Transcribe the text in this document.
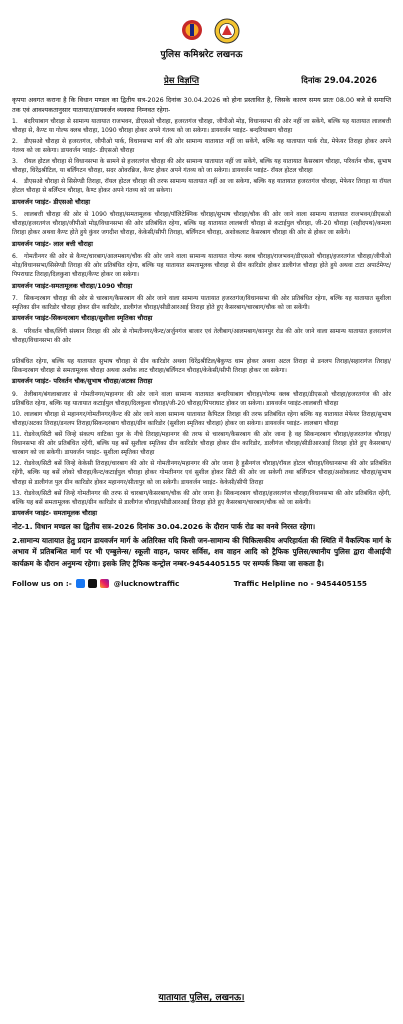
पुलिस कमिश्नरेट लखनऊ
प्रेस विज्ञप्ति	दिनांक 29.04.2026
कृपया अवगत कराना है कि विधान मण्डल का द्वितीय सत्र-2026 दिनांक 30.04.2026 को होना प्रस्तावित है, जिसके कारण समय प्रातः 08.00 बजे से समाप्ति तक एवं आवश्यकतानुसार यातायात/डायवर्जन व्यवस्था निम्नवत रहेगा-
1. बंदरियाबाग चौराहा से सामान्य यातायात राजभवन, डीएसओ चौराहा, हजरतगंज चौराहा, जीपीओ मोड़, विधानसभा की ओर नहीं जा सकेंगे, बल्कि यह यातायात लालबत्ती चौराहा से, कैण्ट या गोल्फ क्लब चौराहा, 1090 चौराहा होकर अपने गंतव्य को जा सकेगा। डायवर्जन प्वाइंट- बन्दरियाबाग चौराहा
2. डीएसओ चौराहा से हजरतगंज, जीपीओ पार्क, विधानसभा मार्ग की ओर सामान्य यातायात नहीं जा सकेंगे, बल्कि यह यातायात पार्क रोड, मेफेयर तिराहा होकर अपने गंतव्य को जा सकेगा। डायवर्जन प्वाइंट- डीएसओ चौराहा
3. रॉयल होटल चौराहा से विधानसभा के सामने से हजरतगंज चौराहा की ओर सामान्य यातायात नहीं जा सकेंगे, बल्कि यह यातायात कैसरबाग चौराहा, परिवर्तन चौक, सुभाष चौराहा, धिरेंद्रश्रीटिल, या बर्लिंगटन चौराहा, सदर ओवरब्रिज, कैण्ट होकर अपने गंतव्य को जा सकेगा। डायवर्जन प्वाइंट- रॉयल होटल चौराहा
4. डीएसओ चौराहा से सिसेण्डी तिराहा, रॉयल होटल चौराहा की तरफ सामान्य यातायात नहीं आ जा सकेगा, बल्कि यह यातायात हजरतगंज चौराहा, मेफेयर तिराहा या रॉयल होटल चौराहा से बर्लिंग्टन चौराहा, कैण्ट होकर अपने गंतव्य को जा सकेगा।
डायवर्जन प्वाइंट- डीएसओ चौराहा
5. लालबत्ती चौराहा की ओर से 1090 चौराहा/समतामूलक चौराहा/पॉलिटेक्निक चौराहा/सुभाष चौराहा/चौक की ओर जाने वाला सामान्य यातायात राजभवन/डीएसओ चौराहा/हजरतगंज चौराहा/जीपीओ मोड़/विधानसभा की ओर प्रतिबंधित रहेगा, बल्कि यह यातायात लालबत्ती चौराहा से कटाईपुल चौराहा, जी-20 चौराहा (शहीदपथ)/कमला तिराहा होकर अथवा कैण्ट होते हुये कुंवर जगदीश चौराहा, केकेसी/सीपी तिराहा, बर्लिंगटन चौराहा, अशोकलाट कैसरबाग चौराहा की ओर से होकर जा सकेंगे।
डायवर्जन प्वाइंट- लाल बत्ती चौराहा
6. गोमतीनगर की ओर से कैण्ट/चारबाग/आलमबाग/चौक की ओर जाने वाला सामान्य यातायात गोल्फ क्लब चौराहा/राजभवन/डीएसओ चौराहा/हजरतगंज चौराहा/जीपीओ मोड़/विधानसभा/सिसेण्डी तिराहा की ओर प्रतिबंधित रहेगा, बल्कि यह यातायात समतामूलक चौराहा से ग्रीन कारिडोर होकर डालीगंज चौराहा होते हुये अथवा टाटा अपार्टमेण्ट/पिपराघाट तिराहा/दिलकुशा चौराहा/कैण्ट होकर जा सकेगा।
डायवर्जन प्वाइंट-समतामूलक चौराहा/1090 चौराहा
7. सिकन्दरबाग चौराहा की ओर से चारबाग/कैसरबाग की ओर जाने वाला सामान्य यातायात हजरतगंज/विधानसभा की ओर प्रतिबंधित रहेगा, बल्कि यह यातायात सुशीला स्मृतिका ग्रीन कारिडोर चौराहा होकर ग्रीन कारिडोर, डालीगंज चौराहा/सीडीआरआई तिराहा होते हुए कैसरबाग/चारबाग/चौक को जा सकेंगी।
डायवर्जन प्वाइंट-सिकन्दरबाग चौराहा/सुशीला स्मृतिका चौराहा
8. परिवर्तन चौक/लिंगी संस्थान तिराहा की ओर से गोमतीनगर/कैन्ट/अर्जुनगंज बाजार एवं तेलीबाग/आलमबाग/कानपुर रोड की ओर जाने वाला सामान्य यातायात हजरतगंज चौराहा/विधानसभा की ओर
प्रतिबंधित रहेगा, बल्कि यह यातायात सुभाष चौराहा से ग्रीन कारिडोर अथवा धिरेंद्रश्रीटिल/बैकुण्ठ धाम होकर अथवा अटल तिराहा से डनलप तिराहा/सहारागंज तिराहा/सिकन्दरबाग चौराहा से समतामूलक चौराहा अथवा अशोक लाट चौराहा/बर्लिंगटन चौराहा/केकेसी/सीपी तिराहा होकर जा सकेगा।
डायवर्जन प्वाइंट- परिवर्तन चौक/सुभाष चौराहा/अटका तिराहा
9. तेलीबाग/बंगलाबाजार से गोमतीनगर/महानगर की ओर जाने वाला सामान्य यातायात बन्दरियाबाग चौराहा/गोल्फ क्लब चौराहा/डीएसओ चौराहा/हजरतगंज की ओर प्रतिबंधित रहेगा, बल्कि यह यातायात कटाईपुल चौराहा/दिलकुशा चौराहा/जी-20 चौराहा/पिपराघाट होकर जा सकेगा। डायवर्जन प्वाइंट-लालबत्ती चौराहा
10. लालबाग चौराहा से महानगर/गोमतीनगर/कैन्ट की ओर जाने वाला सामान्य यातायात कैपिटल तिराहा की तरफ प्रतिबंधित रहेगा बल्कि यह यातायात मेफेयर तिराहा/सुभाष चौराहा/अटका तिराहा/डनलप तिराहा/सिकन्दरबाग चौराहा/ग्रीन कारिडोर (सुशीला स्मृतिका चौराहा) होकर जा सकेगा। डायवर्जन प्वाइंट- लालबाग चौराहा
11. रोडवेज/सिटी बसें जिन्हे संकल्प वाटिका पुल के नीचे तिराहा/महानगर की तरफ से चारबाग/कैसरबाग की ओर जाना है वह सिकन्दरबाग चौराहा/हजरतगंज चौराहा/विधानसभा की ओर प्रतिबंधित रहेंगी, बल्कि यह बसें सुशीला स्मृतिका ग्रीन कारिडोर चौराहा होकर ग्रीन कारिडोर, डालीगंज चौराहा/सीडीआरआई तिराहा होते हुए कैसरबाग/चारबाग को जा सकेगी। डायवर्जन प्वाइंट- सुशीला स्मृतिका चौराहा
12. रोडवेज/सिटी बसें जिन्हे केकेसी तिराहा/चारबाग की ओर से गोमतीनगर/महानगर की ओर जाना है हुसैनगंज चौराहा/रॉयल होटल चौराहा/विधानसभा की ओर प्रतिबंधित रहेंगी, बल्कि यह बसें लोको चौराहा/कैन्ट/कटाईपुल चौराहा होकर गोमतीनगर एवं सुशील होकर सिटी की ओर जा सकेगी तथा बर्लिंगटन चौराहा/अशोकलाट चौराहा/सुभाष चौराहा से डालीगंज पुल ग्रीन कारिडोर होकर महानगर/सीतापुर को जा सकेगी। डायवर्जन प्वाइंट- केकेसी/सीपी तिराहा
13. रोडवेज/सिटी बसें जिन्हे गोमतीनगर की तरफ से चारबाग/कैसरबाग/चौक की ओर जाना है। सिकन्दरबाग चौराहा/हजरतगंज चौराहा/विधानसभा की ओर प्रतिबंधित रहेंगी, बल्कि यह बसें समतामूलक चौराहा/ग्रीन कारिडोर से डालीगंज चौराहा/सीडीआरआई तिराहा होते हुए कैसरबाग/चारबाग/चौक को जा सकेगी।
डायवर्जन प्वाइंट- समतामूलक चौराहा
नोट-1. विधान मण्डल का द्वितीय सत्र-2026 दिनांक 30.04.2026 के दौरान पार्क रोड का वनवे निरस्त रहेगा।
2.सामान्य यातायात हेतु प्रदान डायवर्जन मार्ग के अतिरिक्त यदि किसी जन-सामान्य की चिकित्सकीय अपरिहार्यता की स्थिति में वैकल्पिक मार्ग के अभाव में प्रतिबन्धित मार्ग पर भी एम्बुलेन्स/ स्कूली वाहन, फायर सर्विस, शव वाहन आदि को ट्रैफिक पुलिस/स्थानीय पुलिस द्वारा वीआईपी कार्यक्रम के दौरान अनुमन्य रहेगा। इसके लिए ट्रैफिक कन्ट्रोल नम्बर-9454405155 पर सम्पर्क किया जा सकता है।
Follow us on :-	@lucknowtraffic	Traffic Helpline no - 9454405155
यातायात पुलिस, लखनऊ।
